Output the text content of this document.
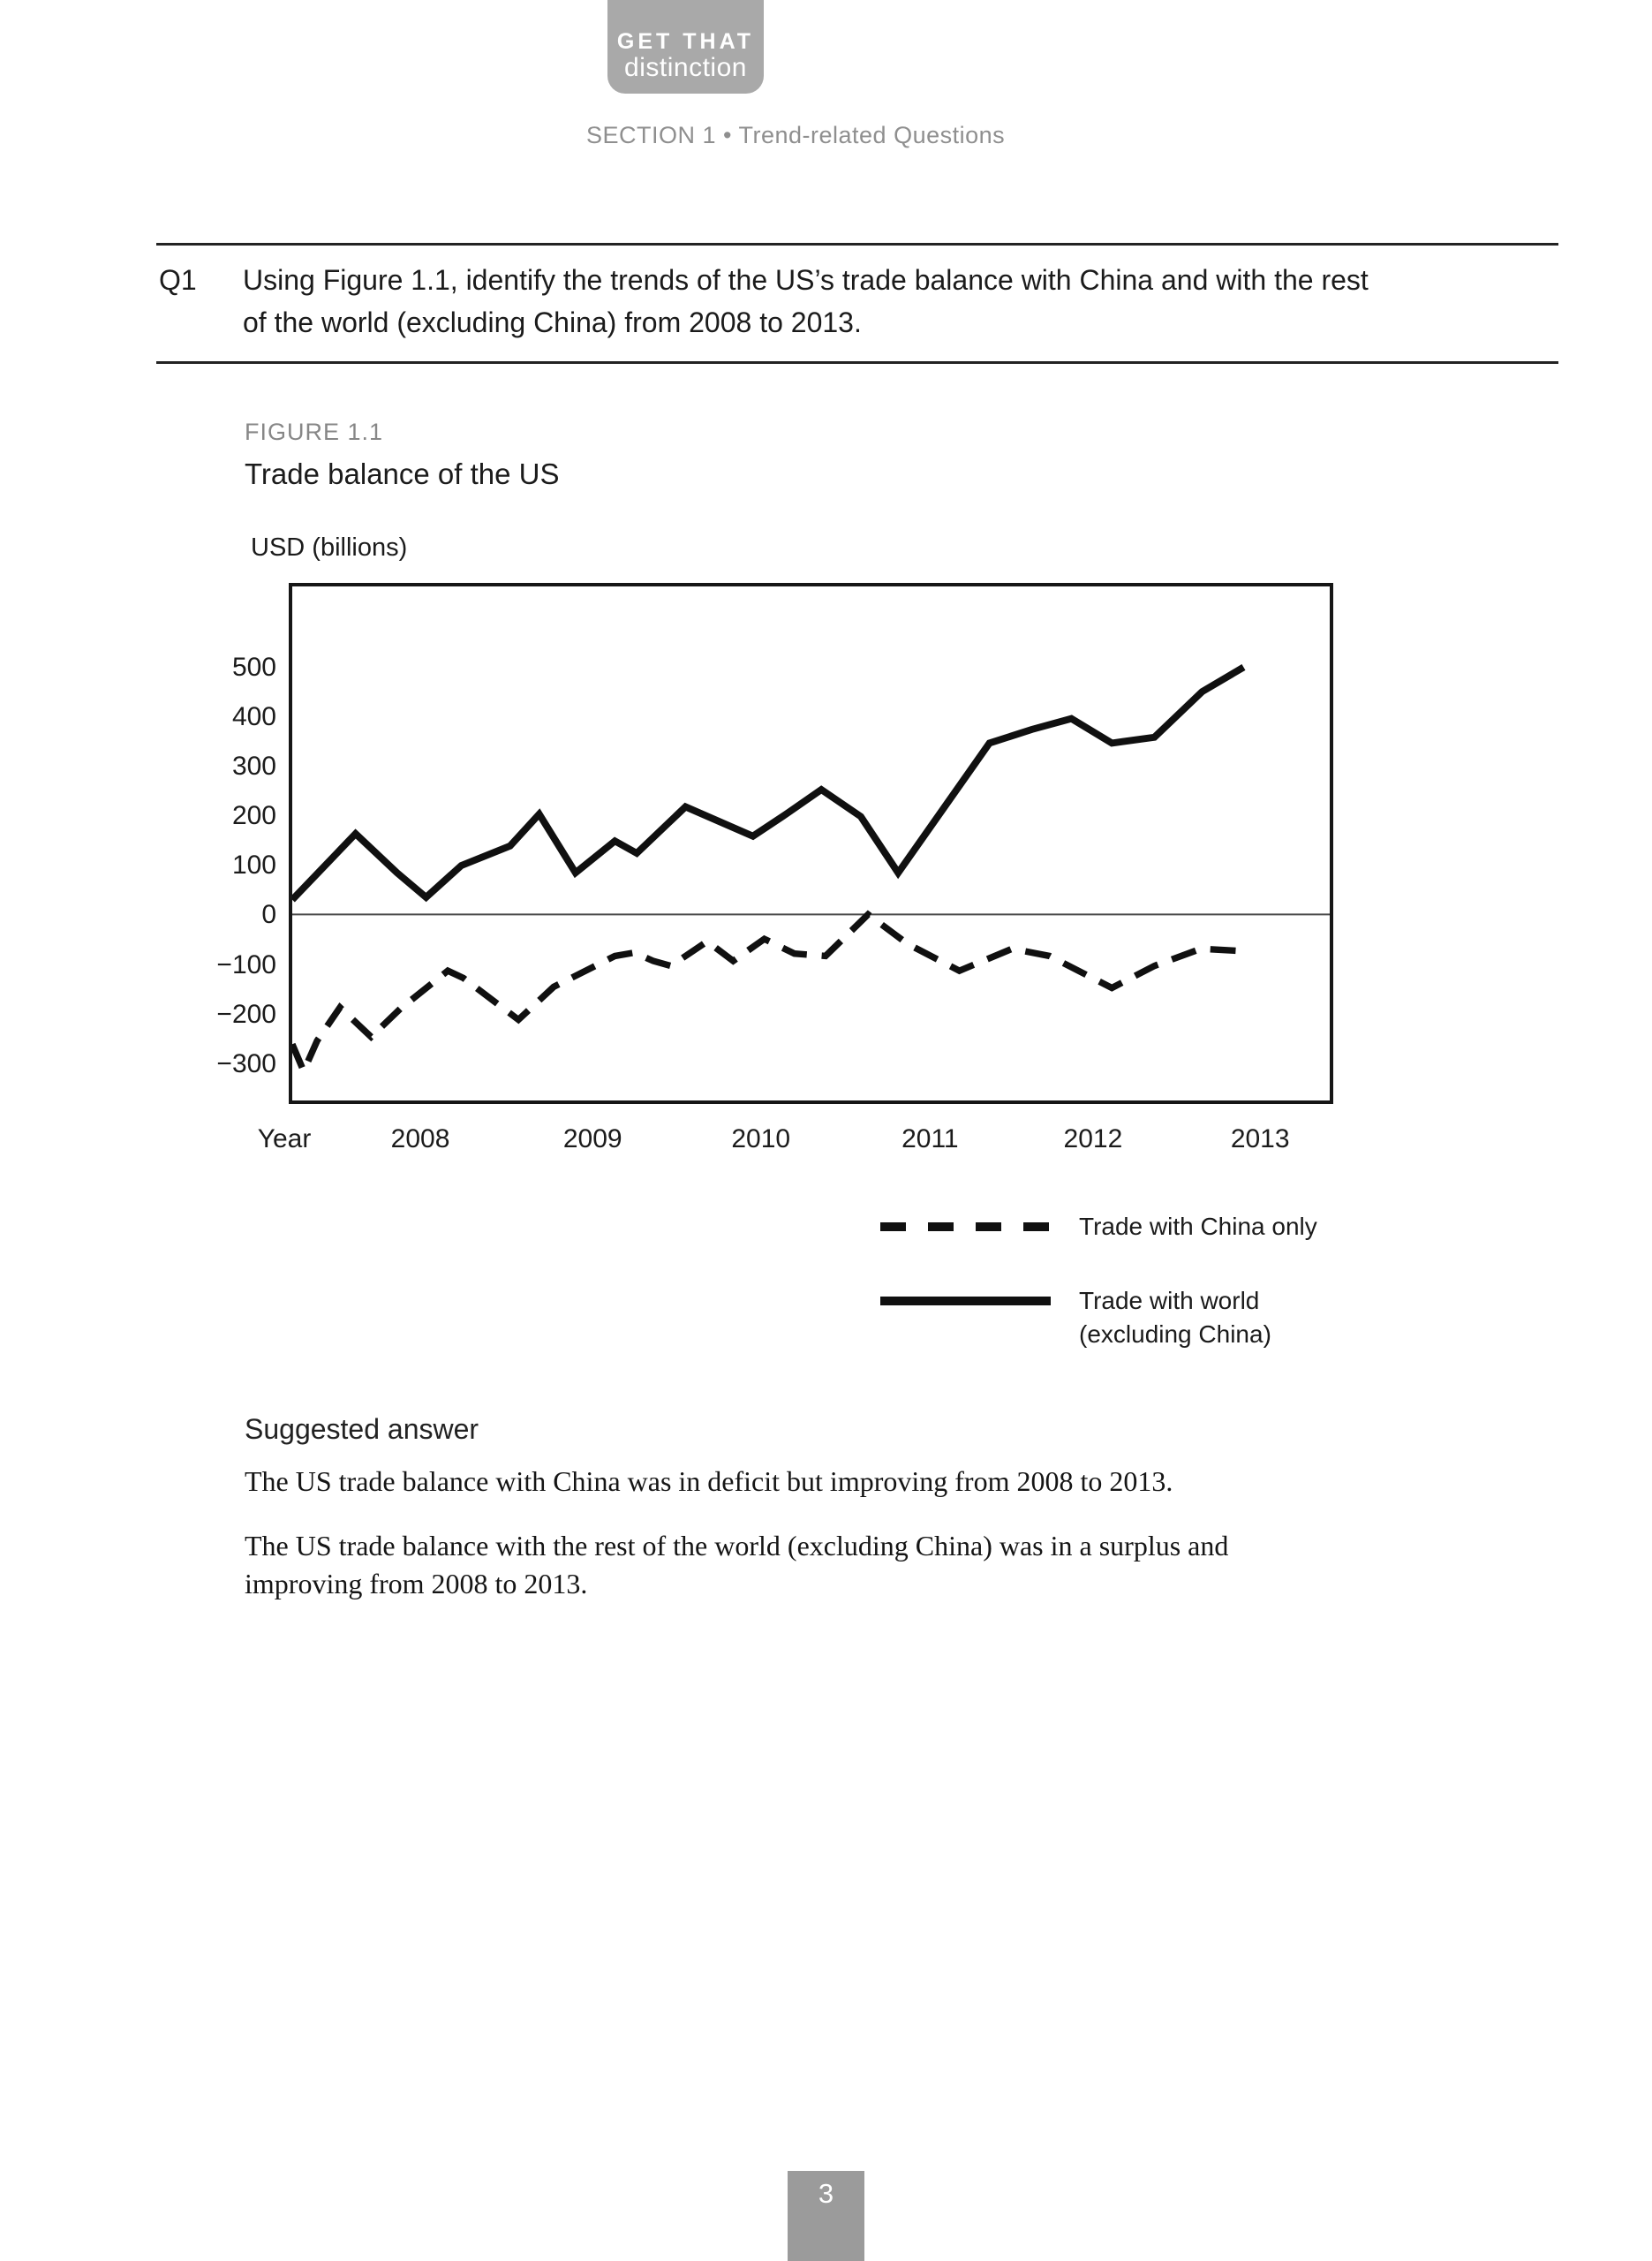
GET THAT
distinction
SECTION 1 • Trend-related Questions
Q1 Using Figure 1.1, identify the trends of the US’s trade balance with China and with the rest
of the world (excluding China) from 2008 to 2013.
FIGURE 1.1
Trade balance of the US
USD (billions)
500
400
300
200
100
0
−100
−200
−300
Year	2008	2009	2010	2011	2012	2013
Trade with China only
Trade with world
(excluding China)
Suggested answer
The US trade balance with China was in deficit but improving from 2008 to 2013.
The US trade balance with the rest of the world (excluding China) was in a surplus and
improving from 2008 to 2013.
3
